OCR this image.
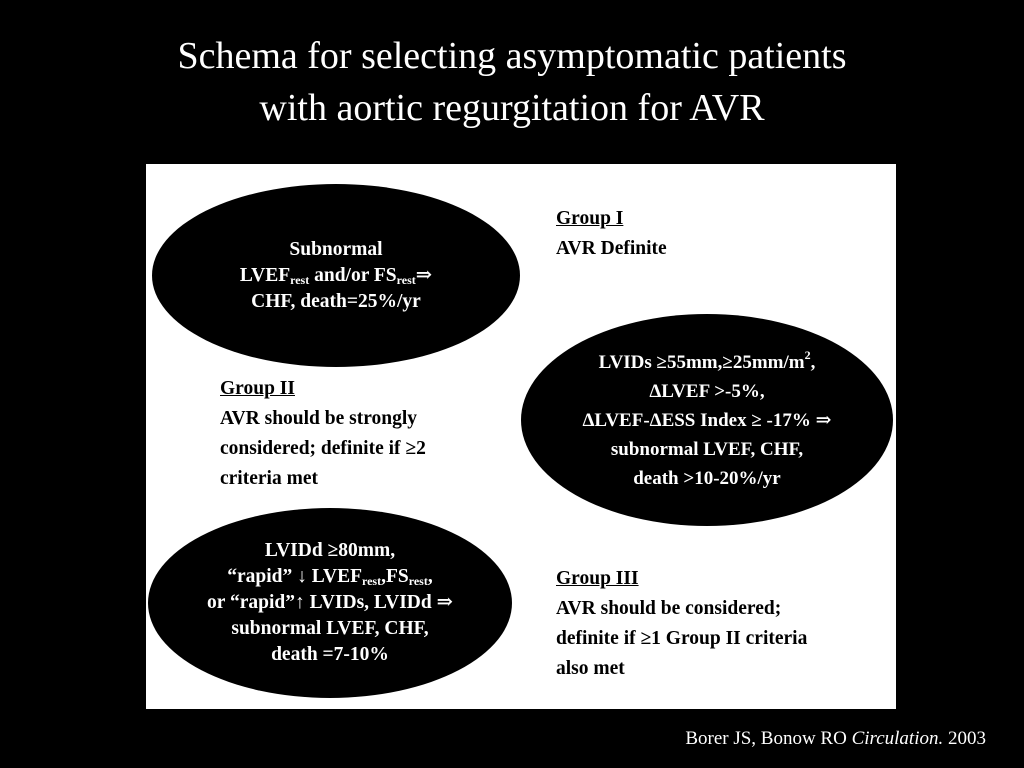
Schema for selecting asymptomatic patients
with aortic regurgitation for AVR
Subnormal
$LVEF_{rest}$ and/or $FS_{rest}\Rightarrow$
CHF, death=25%/yr
LVIDs $\ge 55mm,\ge 25mm/m^2$,
ΔLVEF >-5%,
ΔLVEF-ΔESS Index ≥ -17% ⇒
subnormal LVEF, CHF,
death >10-20%/yr
LVIDd ≥80mm,
“rapid” ↓ $LVEF_{rest},FS_{rest}$,
or “rapid”↑ LVIDs, LVIDd ⇒
subnormal LVEF, CHF,
death =7-10%
Group I
AVR Definite
Group II
AVR should be strongly
considered; definite if ≥2
criteria met
Group III
AVR should be considered;
definite if ≥1 Group II criteria
also met
Borer JS, Bonow RO Circulation. 2003
